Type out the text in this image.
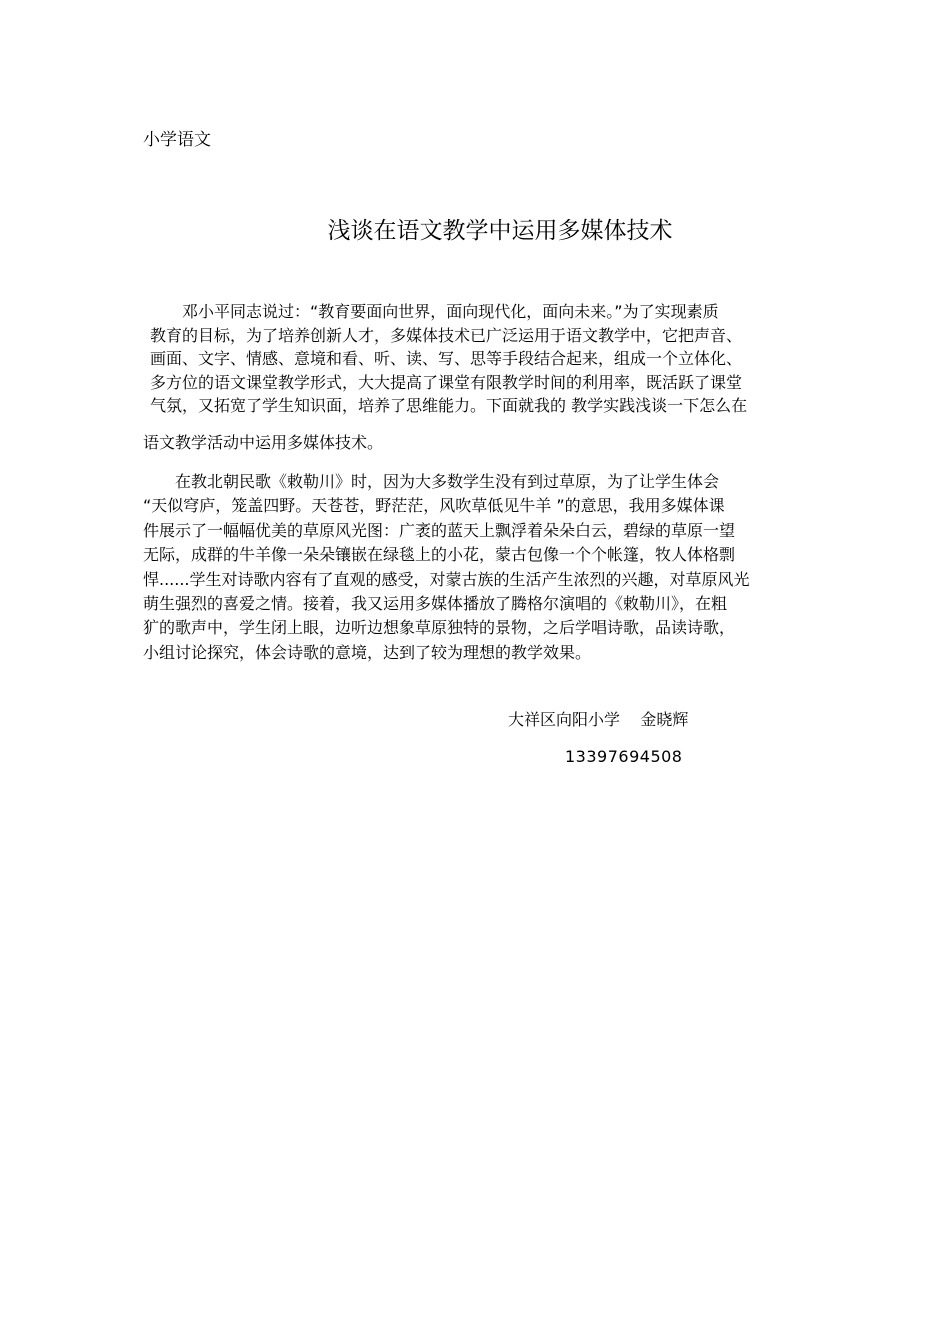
小学语文
浅谈在语文教学中运用多媒体技术
　　邓小平同志说过：“教育要面向世界，面向现代化，面向未来。”为了实现素质
教育的目标，为了培养创新人才，多媒体技术已广泛运用于语文教学中，它把声音、
画面、文字、情感、意境和看、听、读、写、思等手段结合起来，组成一个立体化、
多方位的语文课堂教学形式，大大提高了课堂有限教学时间的利用率，既活跃了课堂
气氛，又拓宽了学生知识面，培养了思维能力。下面就我的 教学实践浅谈一下怎么在
语文教学活动中运用多媒体技术。
　　在教北朝民歌《敕勒川》时，因为大多数学生没有到过草原，为了让学生体会
“天似穹庐，笼盖四野。天苍苍，野茫茫，风吹草低见牛羊 ”的意思，我用多媒体课
件展示了一幅幅优美的草原风光图：广袤的蓝天上飘浮着朵朵白云，碧绿的草原一望
无际，成群的牛羊像一朵朵镶嵌在绿毯上的小花，蒙古包像一个个帐篷，牧人体格剽
悍......学生对诗歌内容有了直观的感受，对蒙古族的生活产生浓烈的兴趣，对草原风光
萌生强烈的喜爱之情。接着，我又运用多媒体播放了腾格尔演唱的《敕勒川》，在粗
犷的歌声中，学生闭上眼，边听边想象草原独特的景物，之后学唱诗歌，品读诗歌，
小组讨论探究，体会诗歌的意境，达到了较为理想的教学效果。
大祥区向阳小学    金晓辉
13397694508
